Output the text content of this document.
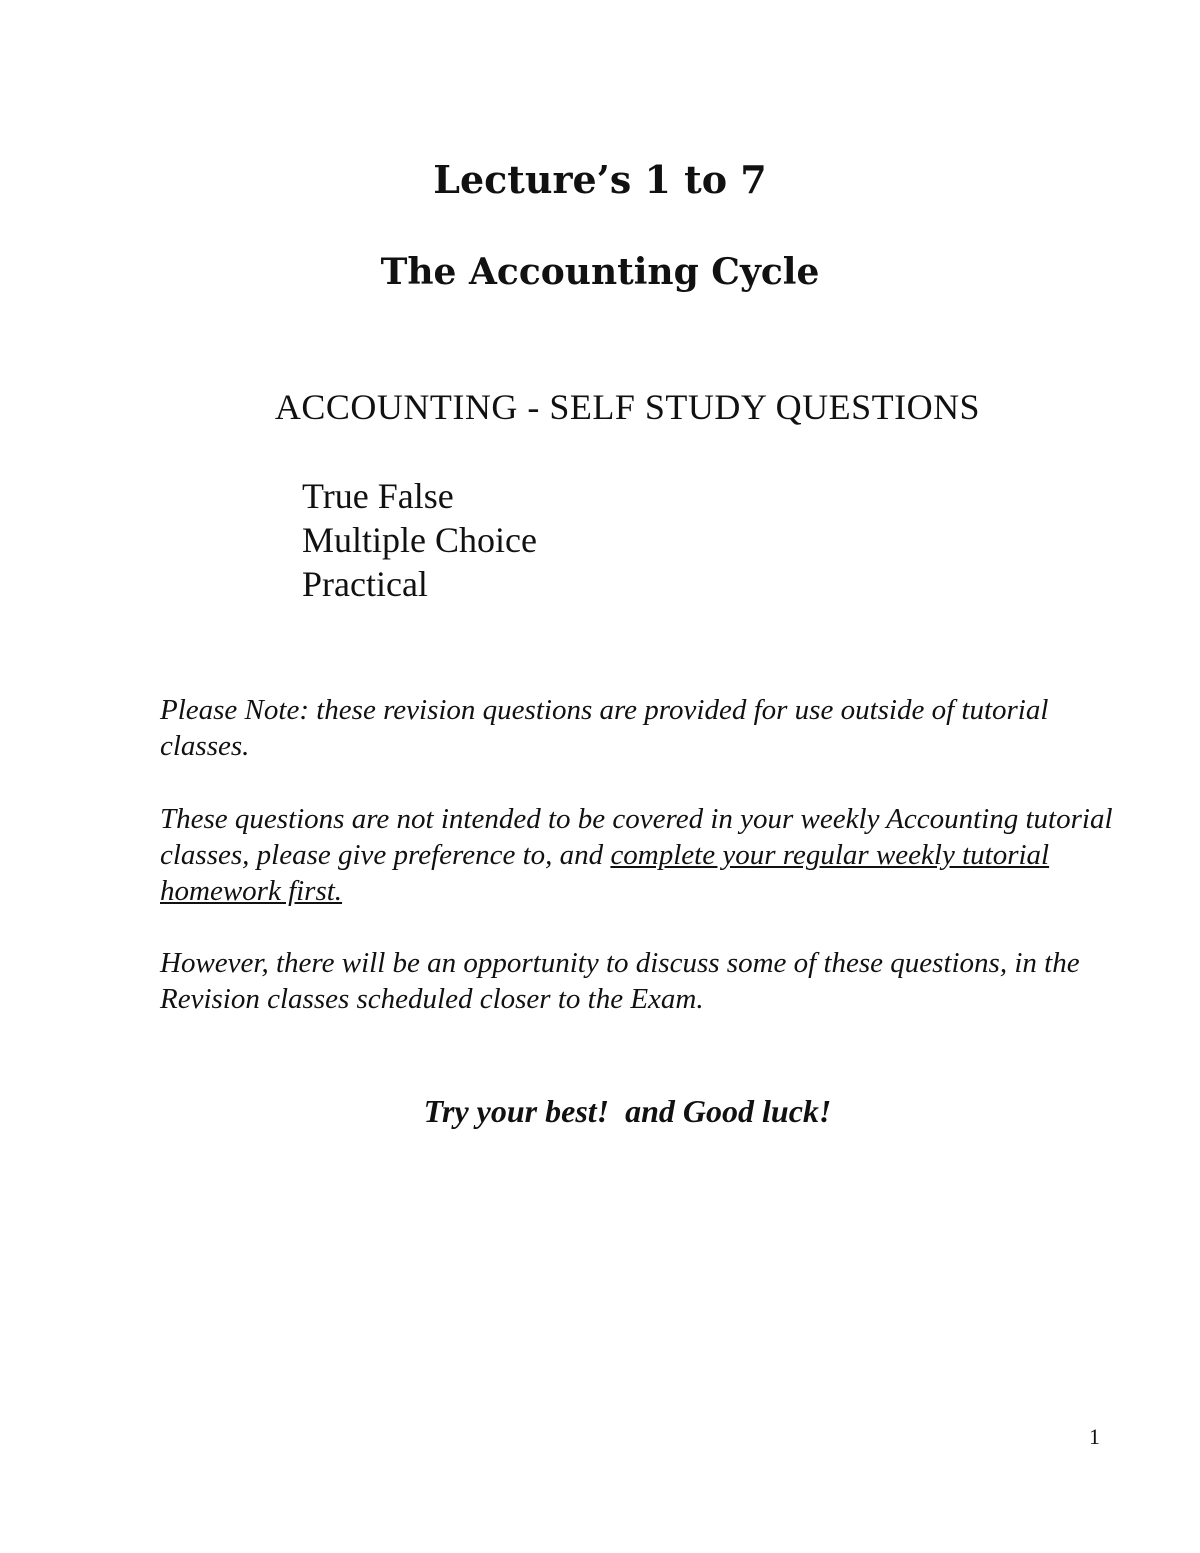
Lecture’s 1 to 7
The Accounting Cycle

ACCOUNTING - SELF STUDY QUESTIONS

True False
Multiple Choice
Practical

Please Note: these revision questions are provided for use outside of tutorial classes.

These questions are not intended to be covered in your weekly Accounting tutorial classes, please give preference to, and complete your regular weekly tutorial homework first.

However, there will be an opportunity to discuss some of these questions, in the Revision classes scheduled closer to the Exam.

Try your best!  and Good luck!

1
